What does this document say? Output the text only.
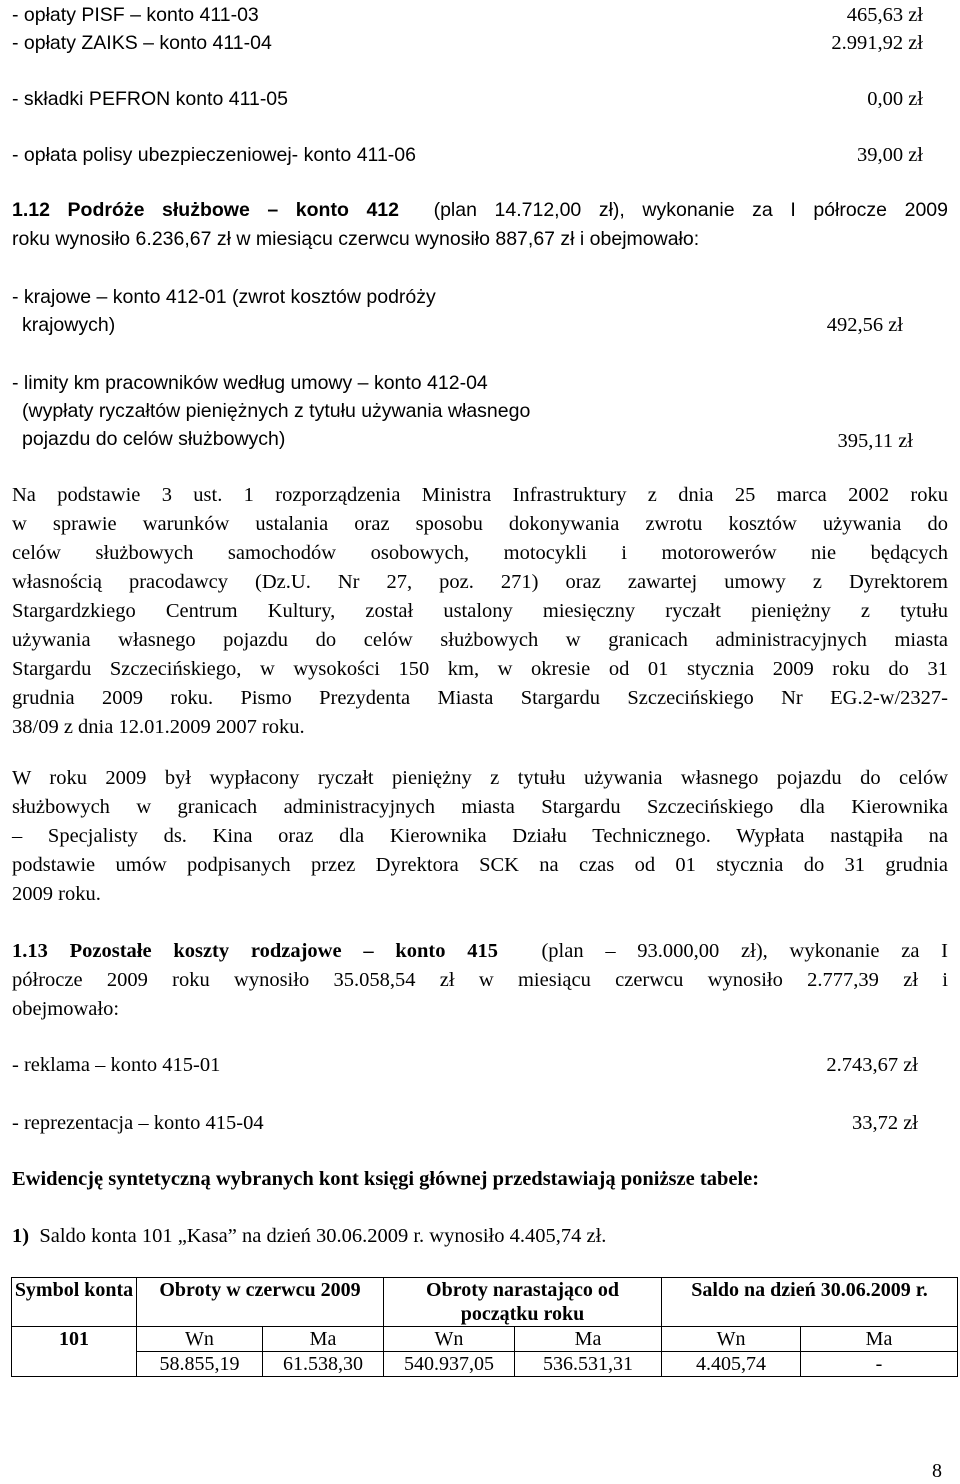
- opłaty PISF – konto 411-03	465,63 zł
- opłaty ZAIKS – konto 411-04	2.991,92 zł
- składki PEFRON konto 411-05	0,00 zł
- opłata polisy ubezpieczeniowej- konto 411-06	39,00 zł
1.12 Podróże służbowe – konto 412 (plan 14.712,00 zł), wykonanie za I półrocze 2009
roku wynosiło 6.236,67 zł w miesiącu czerwcu wynosiło 887,67 zł i obejmowało:
- krajowe – konto 412-01 (zwrot kosztów podróży
krajowych)	492,56 zł
- limity km pracowników według umowy – konto 412-04
(wypłaty ryczałtów pieniężnych z tytułu używania własnego
pojazdu do celów służbowych)	395,11 zł
Na podstawie 3 ust. 1 rozporządzenia Ministra Infrastruktury z dnia 25 marca 2002 roku
w sprawie warunków ustalania oraz sposobu dokonywania zwrotu kosztów używania do
celów służbowych samochodów osobowych, motocykli i motorowerów nie będących
własnością pracodawcy (Dz.U. Nr 27, poz. 271) oraz zawartej umowy z Dyrektorem
Stargardzkiego Centrum Kultury, został ustalony miesięczny ryczałt pieniężny z tytułu
używania własnego pojazdu do celów służbowych w granicach administracyjnych miasta
Stargardu Szczecińskiego, w wysokości 150 km, w okresie od 01 stycznia 2009 roku do 31
grudnia 2009 roku. Pismo Prezydenta Miasta Stargardu Szczecińskiego Nr EG.2-w/2327-
38/09 z dnia 12.01.2009 2007 roku.
W roku 2009 był wypłacony ryczałt pieniężny z tytułu używania własnego pojazdu do celów
służbowych w granicach administracyjnych miasta Stargardu Szczecińskiego dla Kierownika
– Specjalisty ds. Kina oraz dla Kierownika Działu Technicznego. Wypłata nastąpiła na
podstawie umów podpisanych przez Dyrektora SCK na czas od 01 stycznia do 31 grudnia
2009 roku.
1.13 Pozostałe koszty rodzajowe – konto 415 (plan – 93.000,00 zł), wykonanie za I
półrocze 2009 roku wynosiło 35.058,54 zł w miesiącu czerwcu wynosiło 2.777,39 zł i
obejmowało:
- reklama – konto 415-01	2.743,67 zł
- reprezentacja – konto 415-04	33,72 zł
Ewidencję syntetyczną wybranych kont księgi głównej przedstawiają poniższe tabele:
1) Saldo konta 101 „Kasa” na dzień 30.06.2009 r. wynosiło 4.405,74 zł.
Symbol konta	Obroty w czerwcu 2009		Obroty narastająco od początku roku		Saldo na dzień 30.06.2009 r.	
101	Wn	Ma	Wn	Ma	Wn	Ma
	58.855,19	61.538,30	540.937,05	536.531,31	4.405,74	-
8
